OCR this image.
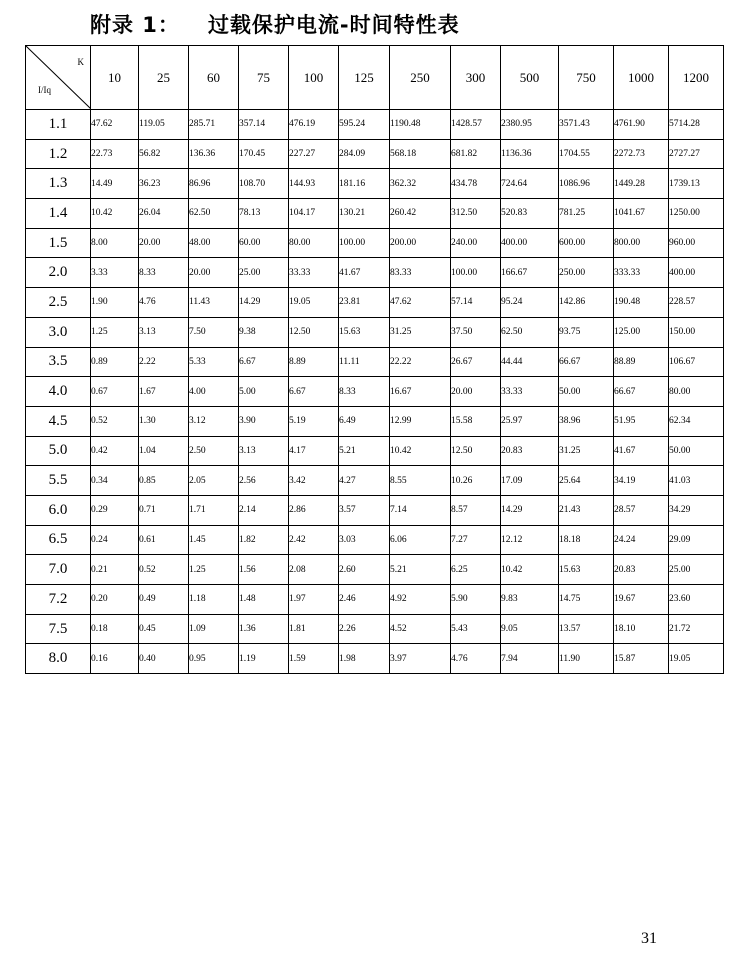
附录 1： 过载保护电流-时间特性表
K
I/Iq	10	25	60	75	100	125	250	300	500	750	1000	1200
1.1	47.62	119.05	285.71	357.14	476.19	595.24	1190.48	1428.57	2380.95	3571.43	4761.90	5714.28
1.2	22.73	56.82	136.36	170.45	227.27	284.09	568.18	681.82	1136.36	1704.55	2272.73	2727.27
1.3	14.49	36.23	86.96	108.70	144.93	181.16	362.32	434.78	724.64	1086.96	1449.28	1739.13
1.4	10.42	26.04	62.50	78.13	104.17	130.21	260.42	312.50	520.83	781.25	1041.67	1250.00
1.5	8.00	20.00	48.00	60.00	80.00	100.00	200.00	240.00	400.00	600.00	800.00	960.00
2.0	3.33	8.33	20.00	25.00	33.33	41.67	83.33	100.00	166.67	250.00	333.33	400.00
2.5	1.90	4.76	11.43	14.29	19.05	23.81	47.62	57.14	95.24	142.86	190.48	228.57
3.0	1.25	3.13	7.50	9.38	12.50	15.63	31.25	37.50	62.50	93.75	125.00	150.00
3.5	0.89	2.22	5.33	6.67	8.89	11.11	22.22	26.67	44.44	66.67	88.89	106.67
4.0	0.67	1.67	4.00	5.00	6.67	8.33	16.67	20.00	33.33	50.00	66.67	80.00
4.5	0.52	1.30	3.12	3.90	5.19	6.49	12.99	15.58	25.97	38.96	51.95	62.34
5.0	0.42	1.04	2.50	3.13	4.17	5.21	10.42	12.50	20.83	31.25	41.67	50.00
5.5	0.34	0.85	2.05	2.56	3.42	4.27	8.55	10.26	17.09	25.64	34.19	41.03
6.0	0.29	0.71	1.71	2.14	2.86	3.57	7.14	8.57	14.29	21.43	28.57	34.29
6.5	0.24	0.61	1.45	1.82	2.42	3.03	6.06	7.27	12.12	18.18	24.24	29.09
7.0	0.21	0.52	1.25	1.56	2.08	2.60	5.21	6.25	10.42	15.63	20.83	25.00
7.2	0.20	0.49	1.18	1.48	1.97	2.46	4.92	5.90	9.83	14.75	19.67	23.60
7.5	0.18	0.45	1.09	1.36	1.81	2.26	4.52	5.43	9.05	13.57	18.10	21.72
8.0	0.16	0.40	0.95	1.19	1.59	1.98	3.97	4.76	7.94	11.90	15.87	19.05
31
